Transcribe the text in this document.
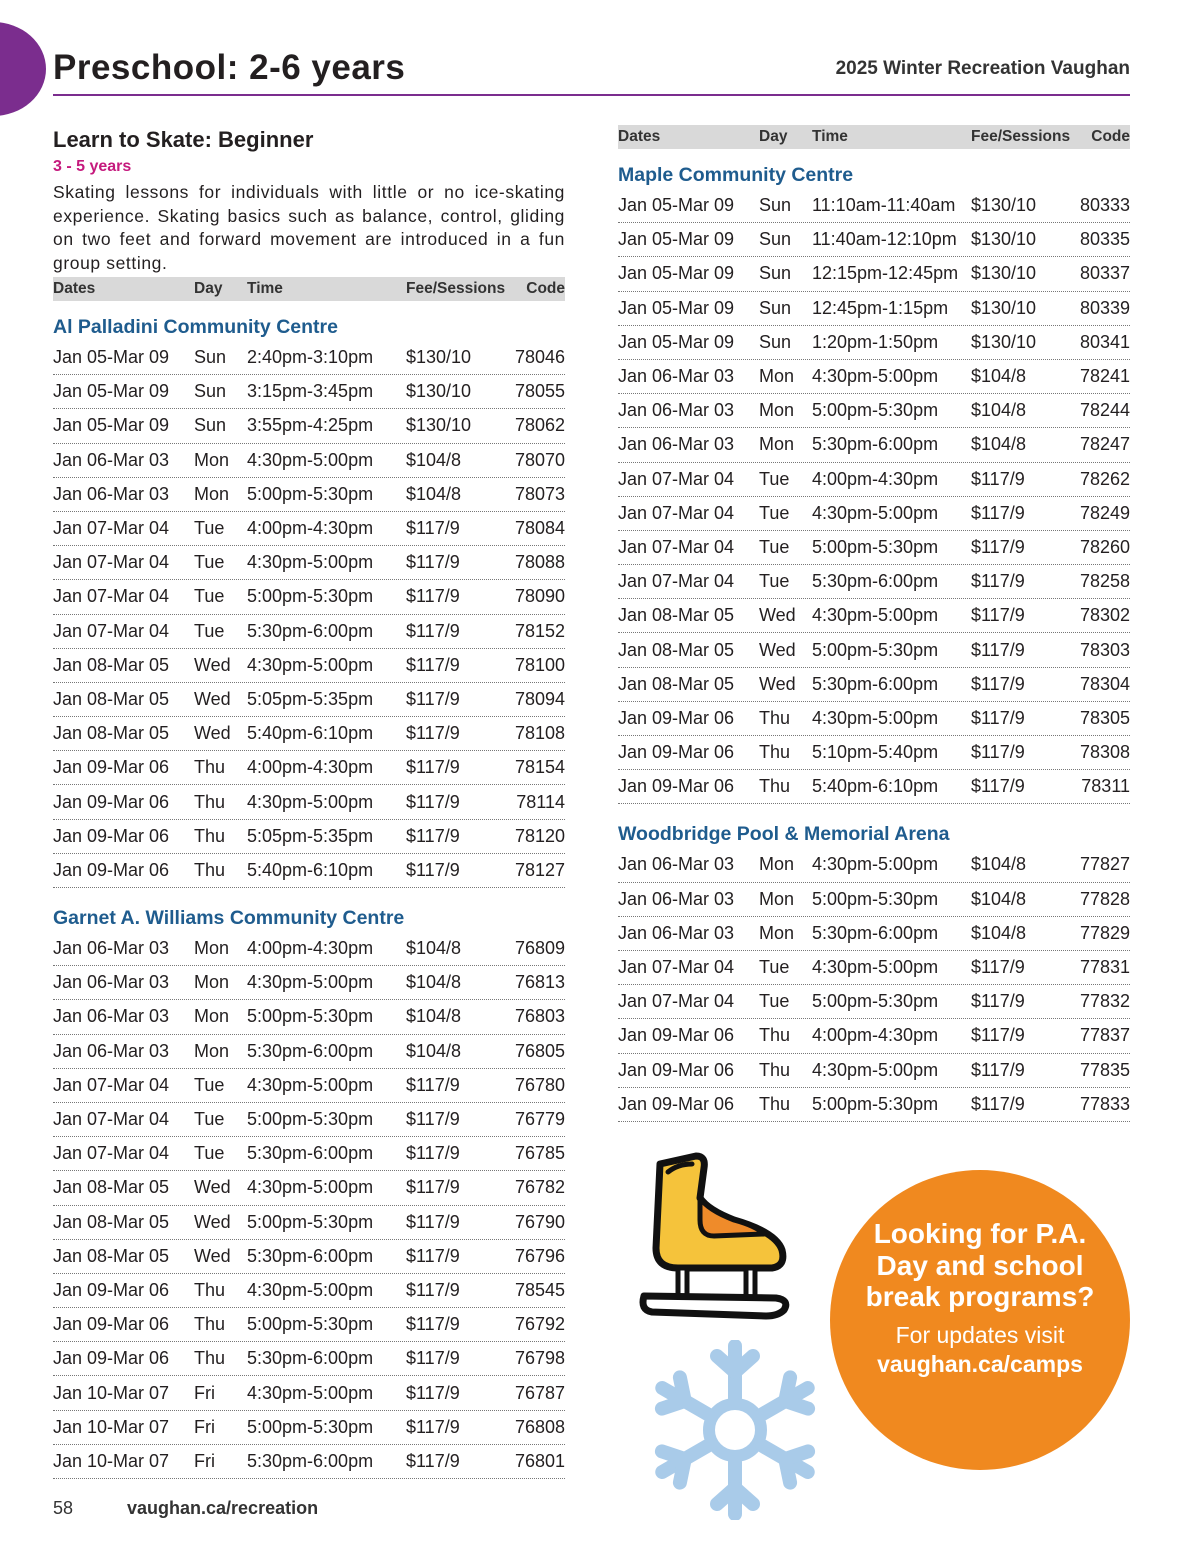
Preschool: 2-6 years	2025 Winter Recreation Vaughan
Learn to Skate: Beginner
3 - 5 years

Skating lessons for individuals with little or no ice-skating experience. Skating basics such as balance, control, gliding on two feet and forward movement are introduced in a fun group setting.

Dates	Day	Time	Fee/Sessions	Code
Al Palladini Community Centre
Jan 05-Mar 09	Sun	2:40pm-3:10pm	$130/10	78046
Jan 05-Mar 09	Sun	3:15pm-3:45pm	$130/10	78055
Jan 05-Mar 09	Sun	3:55pm-4:25pm	$130/10	78062
Jan 06-Mar 03	Mon 4:30pm-5:00pm	$104/8	78070
Jan 06-Mar 03	Mon 5:00pm-5:30pm	$104/8	78073
Jan 07-Mar 04	Tue	4:00pm-4:30pm	$117/9	78084
Jan 07-Mar 04	Tue	4:30pm-5:00pm	$117/9	78088
Jan 07-Mar 04	Tue	5:00pm-5:30pm	$117/9	78090
Jan 07-Mar 04	Tue	5:30pm-6:00pm	$117/9	78152
Jan 08-Mar 05	Wed 4:30pm-5:00pm	$117/9	78100
Jan 08-Mar 05	Wed 5:05pm-5:35pm	$117/9	78094
Jan 08-Mar 05	Wed 5:40pm-6:10pm	$117/9	78108
Jan 09-Mar 06	Thu	4:00pm-4:30pm	$117/9	78154
Jan 09-Mar 06	Thu	4:30pm-5:00pm	$117/9	78114
Jan 09-Mar 06	Thu	5:05pm-5:35pm	$117/9	78120
Jan 09-Mar 06	Thu	5:40pm-6:10pm	$117/9	78127
Garnet A. Williams Community Centre
Jan 06-Mar 03	Mon 4:00pm-4:30pm	$104/8	76809
Jan 06-Mar 03	Mon 4:30pm-5:00pm	$104/8	76813
Jan 06-Mar 03	Mon 5:00pm-5:30pm	$104/8	76803
Jan 06-Mar 03	Mon 5:30pm-6:00pm	$104/8	76805
Jan 07-Mar 04	Tue	4:30pm-5:00pm	$117/9	76780
Jan 07-Mar 04	Tue	5:00pm-5:30pm	$117/9	76779
Jan 07-Mar 04	Tue	5:30pm-6:00pm	$117/9	76785
Jan 08-Mar 05	Wed 4:30pm-5:00pm	$117/9	76782
Jan 08-Mar 05	Wed 5:00pm-5:30pm	$117/9	76790
Jan 08-Mar 05	Wed 5:30pm-6:00pm	$117/9	76796
Jan 09-Mar 06	Thu	4:30pm-5:00pm	$117/9	78545
Jan 09-Mar 06	Thu	5:00pm-5:30pm	$117/9	76792
Jan 09-Mar 06	Thu	5:30pm-6:00pm	$117/9	76798
Jan 10-Mar 07	Fri	4:30pm-5:00pm	$117/9	76787
Jan 10-Mar 07	Fri	5:00pm-5:30pm	$117/9	76808
Jan 10-Mar 07	Fri	5:30pm-6:00pm	$117/9	76801
Dates	Day	Time	Fee/Sessions	Code
Maple Community Centre
Jan 05-Mar 09	Sun	11:10am-11:40am $130/10	80333
Jan 05-Mar 09	Sun	11:40am-12:10pm $130/10	80335
Jan 05-Mar 09	Sun	12:15pm-12:45pm $130/10	80337
Jan 05-Mar 09	Sun	12:45pm-1:15pm	$130/10	80339
Jan 05-Mar 09	Sun	1:20pm-1:50pm	$130/10	80341
Jan 06-Mar 03	Mon 4:30pm-5:00pm	$104/8	78241
Jan 06-Mar 03	Mon 5:00pm-5:30pm	$104/8	78244
Jan 06-Mar 03	Mon 5:30pm-6:00pm	$104/8	78247
Jan 07-Mar 04	Tue	4:00pm-4:30pm	$117/9	78262
Jan 07-Mar 04	Tue	4:30pm-5:00pm	$117/9	78249
Jan 07-Mar 04	Tue	5:00pm-5:30pm	$117/9	78260
Jan 07-Mar 04	Tue	5:30pm-6:00pm	$117/9	78258
Jan 08-Mar 05	Wed 4:30pm-5:00pm	$117/9	78302
Jan 08-Mar 05	Wed 5:00pm-5:30pm	$117/9	78303
Jan 08-Mar 05	Wed 5:30pm-6:00pm	$117/9	78304
Jan 09-Mar 06	Thu	4:30pm-5:00pm	$117/9	78305
Jan 09-Mar 06	Thu	5:10pm-5:40pm	$117/9	78308
Jan 09-Mar 06	Thu	5:40pm-6:10pm	$117/9	78311
Woodbridge Pool & Memorial Arena
Jan 06-Mar 03	Mon 4:30pm-5:00pm	$104/8	77827
Jan 06-Mar 03	Mon 5:00pm-5:30pm	$104/8	77828
Jan 06-Mar 03	Mon 5:30pm-6:00pm	$104/8	77829
Jan 07-Mar 04	Tue	4:30pm-5:00pm	$117/9	77831
Jan 07-Mar 04	Tue	5:00pm-5:30pm	$117/9	77832
Jan 09-Mar 06	Thu	4:00pm-4:30pm	$117/9	77837
Jan 09-Mar 06	Thu	4:30pm-5:00pm	$117/9	77835
Jan 09-Mar 06	Thu	5:00pm-5:30pm	$117/9	77833
Looking for P.A. Day and school break programs?
For updates visit
vaughan.ca/camps
58	vaughan.ca/recreation
